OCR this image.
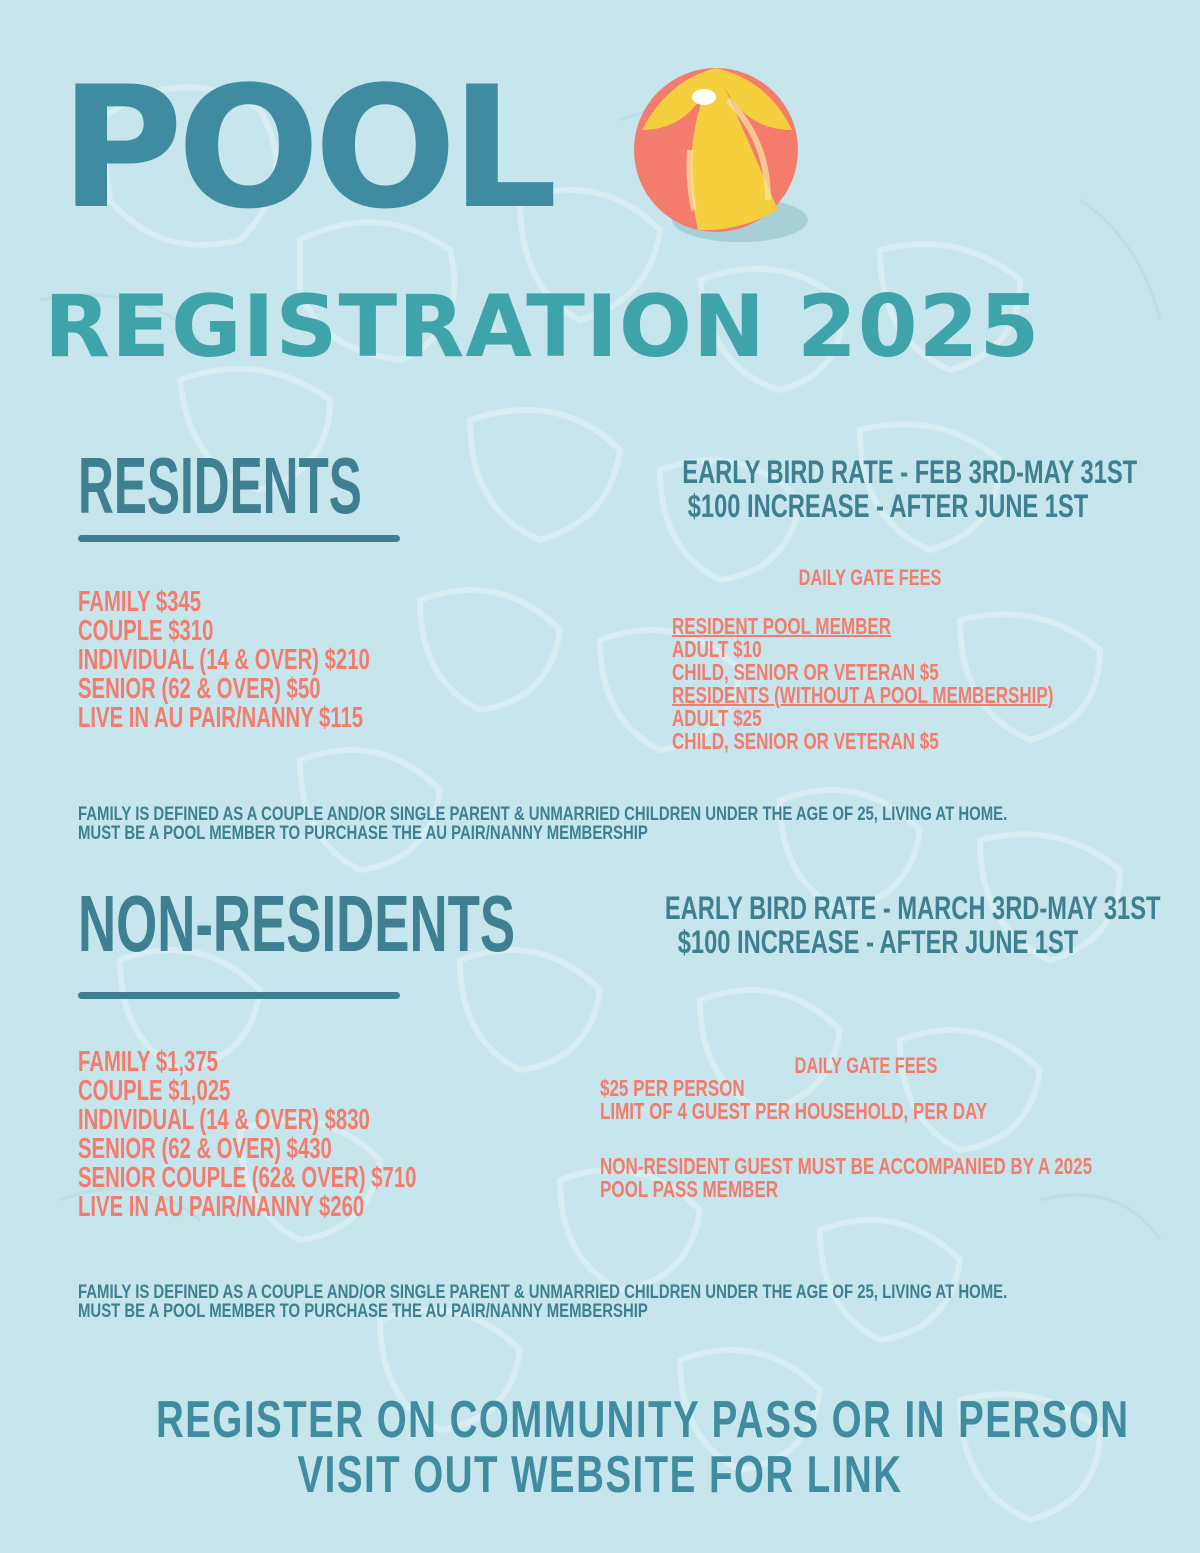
POOL
REGISTRATION 2025
RESIDENTS	EARLY BIRD RATE - FEB 3RD-MAY 31ST
$100 INCREASE - AFTER JUNE 1ST
FAMILY $345
COUPLE $310
INDIVIDUAL (14 & OVER) $210
SENIOR (62 & OVER) $50
LIVE IN AU PAIR/NANNY $115
DAILY GATE FEES
RESIDENT POOL MEMBER
ADULT $10
CHILD, SENIOR OR VETERAN $5
RESIDENTS (WITHOUT A POOL MEMBERSHIP)
ADULT $25
CHILD, SENIOR OR VETERAN $5
FAMILY IS DEFINED AS A COUPLE AND/OR SINGLE PARENT & UNMARRIED CHILDREN UNDER THE AGE OF 25, LIVING AT HOME.
MUST BE A POOL MEMBER TO PURCHASE THE AU PAIR/NANNY MEMBERSHIP
NON-RESIDENTS	EARLY BIRD RATE - MARCH 3RD-MAY 31ST
$100 INCREASE - AFTER JUNE 1ST
FAMILY $1,375
COUPLE $1,025
INDIVIDUAL (14 & OVER) $830
SENIOR (62 & OVER) $430
SENIOR COUPLE (62& OVER) $710
LIVE IN AU PAIR/NANNY $260
DAILY GATE FEES
$25 PER PERSON
LIMIT OF 4 GUEST PER HOUSEHOLD, PER DAY
NON-RESIDENT GUEST MUST BE ACCOMPANIED BY A 2025
POOL PASS MEMBER
FAMILY IS DEFINED AS A COUPLE AND/OR SINGLE PARENT & UNMARRIED CHILDREN UNDER THE AGE OF 25, LIVING AT HOME.
MUST BE A POOL MEMBER TO PURCHASE THE AU PAIR/NANNY MEMBERSHIP
REGISTER ON COMMUNITY PASS OR IN PERSON
VISIT OUT WEBSITE FOR LINK
